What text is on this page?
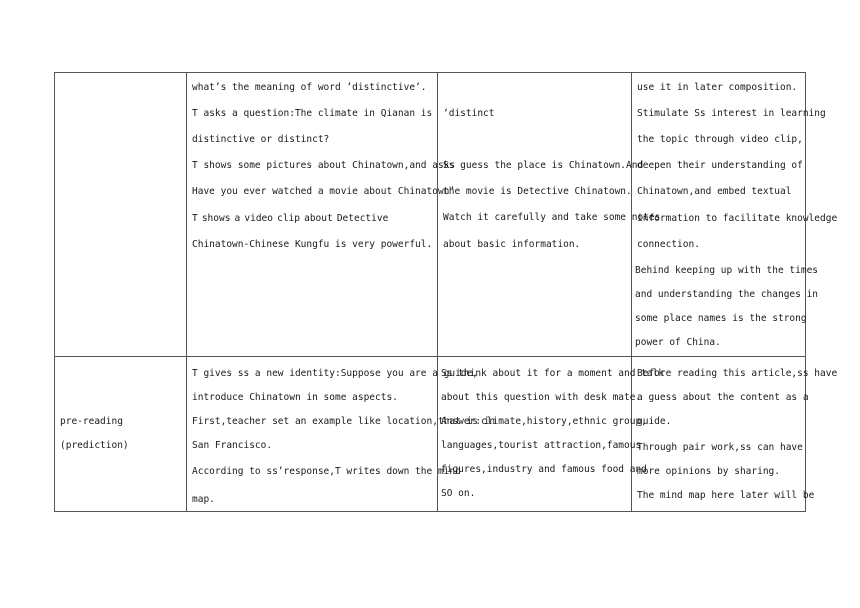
what’s the meaning of word ’distinctive’.
T asks a question:The climate in Qianan is
distinctive or distinct?
T shows some pictures about Chinatown,and asks
Have you ever watched a movie about Chinatown’
T shows a video clip about Detective
Chinatown-Chinese Kungfu is very powerful.
‘distinct
Ss guess the place is Chinatown.And
the movie is Detective Chinatown.
Watch it carefully and take some notes
about basic information.
use it in later composition.
Stimulate Ss interest in learning
the topic through video clip,
deepen their understanding of
Chinatown,and embed textual
information to facilitate knowledge
connection.
Behind keeping up with the times
and understanding the changes in
some place names is the strong
power of China.
pre-reading
(prediction)
T gives ss a new identity:Suppose you are a guide,
introduce Chinatown in some aspects.
First,teacher set an example like location,that is in
San Francisco.
According to ss’response,T writes down the mind
map.
Ss think about it for a moment and talk
about this question with desk mate.
Answer:climate,history,ethnic group,
languages,tourist attraction,famous
figures,industry and famous food and
SO on.
Before reading this article,ss have
a guess about the content as a
guide.
Through pair work,ss can have
more opinions by sharing.
The mind map here later will be
